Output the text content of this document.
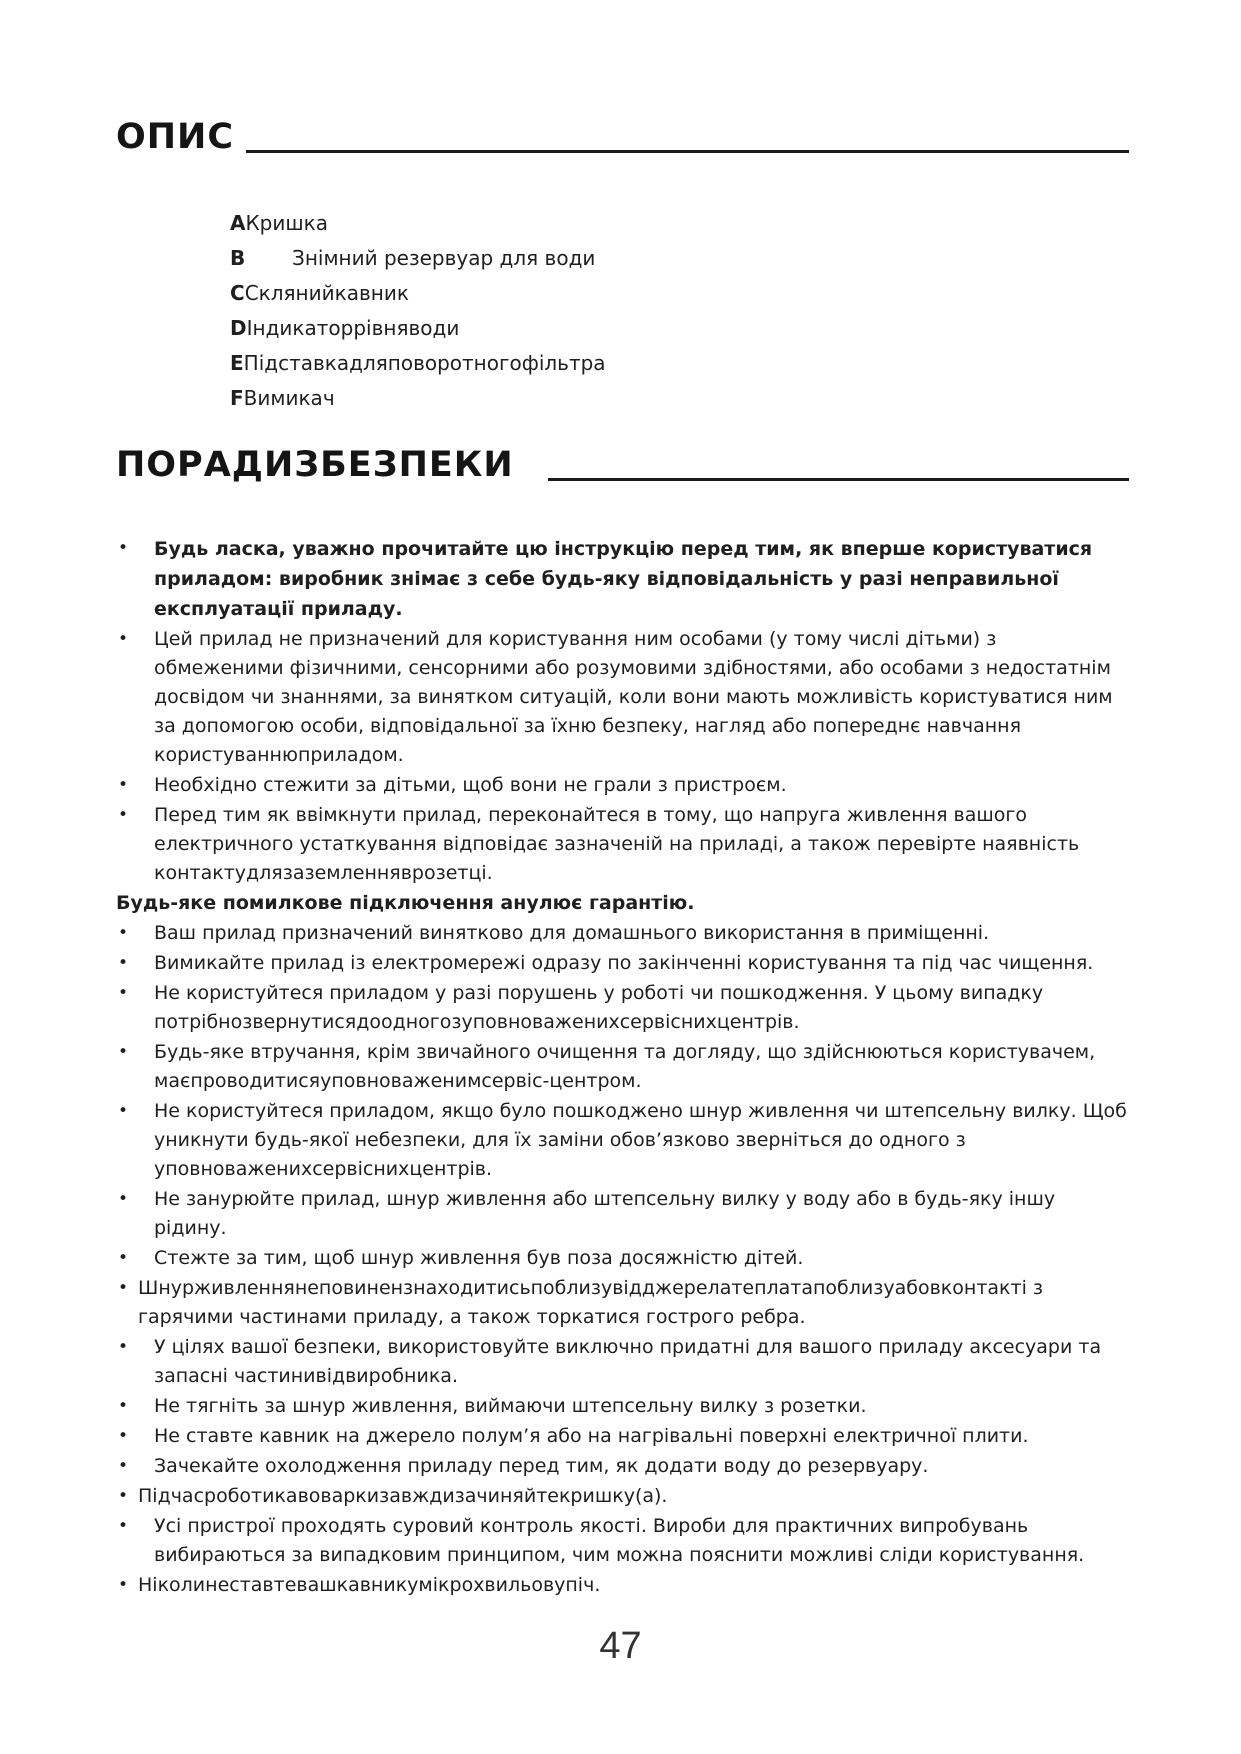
ОПИС
AКришка
B Знімний резервуар для води
CСклянийкавник
DІндикаторрівняводи
EПідставкадляповоротногофільтра
FВимикач
ПОРАДИЗБЕЗПЕКИ
• Будь ласка, уважно прочитайте цю інструкцію перед тим, як вперше користуватися приладом: виробник знімає з себе будь-яку відповідальність у разі неправильної експлуатації приладу.
• Цей прилад не призначений для користування ним особами (у тому числі дітьми) з обмеженими фізичними, сенсорними або розумовими здібностями, або особами з недостатнім досвідом чи знаннями, за винятком ситуацій, коли вони мають можливість користуватися ним за допомогою особи, відповідальної за їхню безпеку, нагляд або попереднє навчання користуваннюприладом.
• Необхідно стежити за дітьми, щоб вони не грали з пристроєм.
• Перед тим як ввімкнути прилад, переконайтеся в тому, що напруга живлення вашого електричного устаткування відповідає зазначеній на приладі, а також перевірте наявність контактудлязаземленняврозетці.
Будь-яке помилкове підключення анулює гарантію.
• Ваш прилад призначений винятково для домашнього використання в приміщенні.
• Вимикайте прилад із електромережі одразу по закінченні користування та під час чищення.
• Не користуйтеся приладом у разі порушень у роботі чи пошкодження. У цьому випадку потрібнозвернутисядоодногозуповноваженихсервіснихцентрів.
• Будь-яке втручання, крім звичайного очищення та догляду, що здійснюються користувачем, маєпроводитисяуповноваженимсервіс-центром.
• Не користуйтеся приладом, якщо було пошкоджено шнур живлення чи штепсельну вилку. Щоб уникнути будь-якої небезпеки, для їх заміни обов’язково зверніться до одного з уповноваженихсервіснихцентрів.
• Не занурюйте прилад, шнур живлення або штепсельну вилку у воду або в будь-яку іншу рідину.
• Стежте за тим, щоб шнур живлення був поза досяжністю дітей.
• Шнурживленнянеповинензнаходитисьпоблизувідджерелатеплатапоблизуабовконтакті з гарячими частинами приладу, а також торкатися гострого ребра.
• У цілях вашої безпеки, використовуйте виключно придатні для вашого приладу аксесуари та запасні частинивідвиробника.
• Не тягніть за шнур живлення, виймаючи штепсельну вилку з розетки.
• Не ставте кавник на джерело полум’я або на нагрівальні поверхні електричної плити.
• Зачекайте охолодження приладу перед тим, як додати воду до резервуару.
• Підчасроботикавоваркизавждизачиняйтекришку(a).
• Усі пристрої проходять суровий контроль якості. Вироби для практичних випробувань вибираються за випадковим принципом, чим можна пояснити можливі сліди користування.
• Ніколинеставтевашкавникумікрохвильовупіч.
47
